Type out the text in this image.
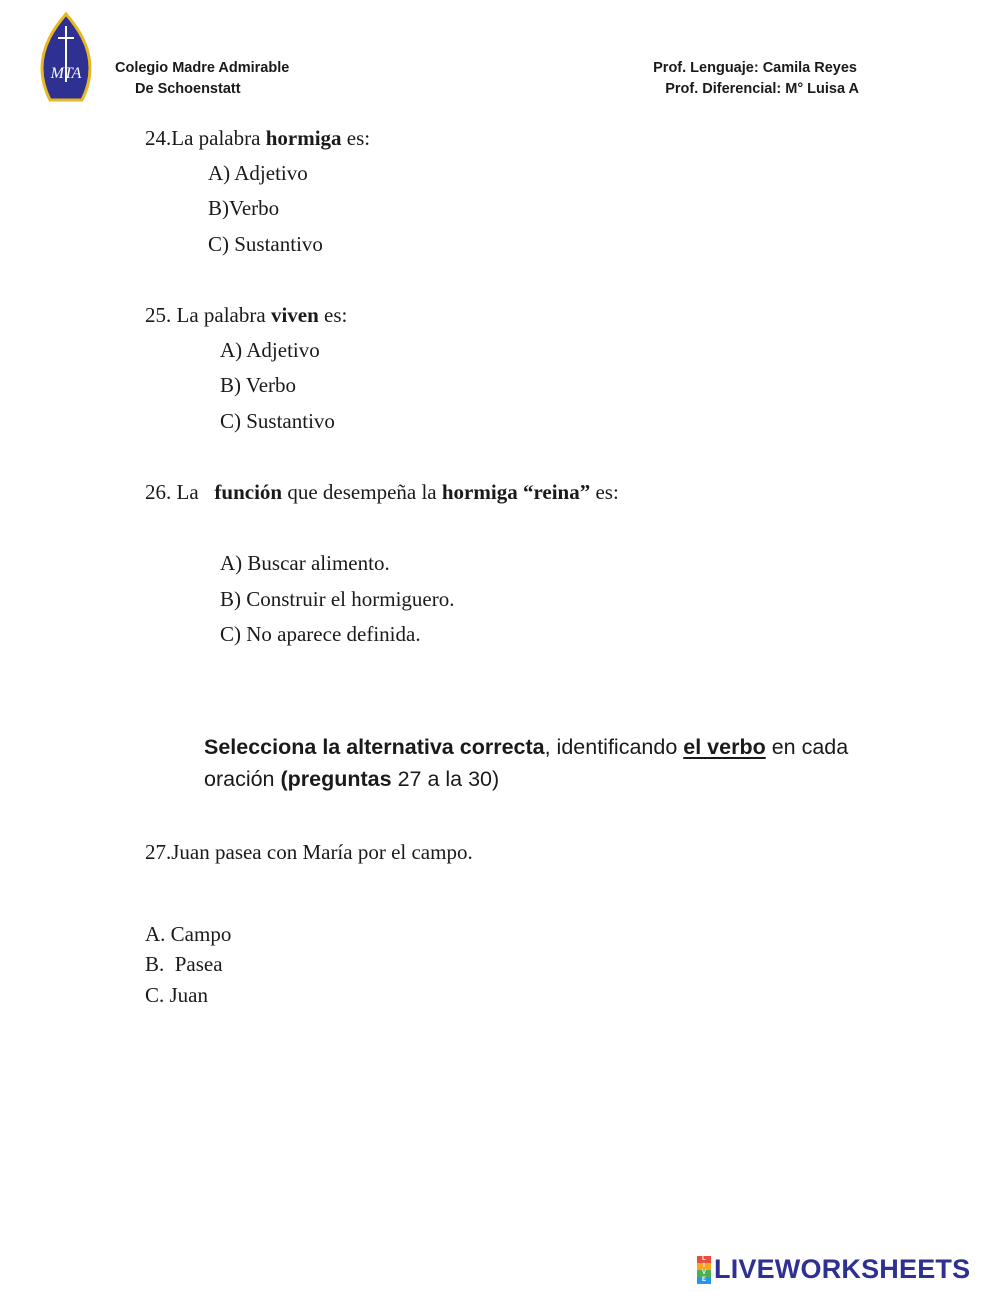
MTA Colegio Madre Admirable
De Schoenstatt
Prof. Lenguaje: Camila Reyes
Prof. Diferencial: M° Luisa A
24.La palabra hormiga es:
A) Adjetivo
B)Verbo
C) Sustantivo
25. La palabra viven es:
A) Adjetivo
B) Verbo
C) Sustantivo
26. La   función que desempeña la hormiga “reina” es:
A) Buscar alimento.
B) Construir el hormiguero.
C) No aparece definida.
Selecciona la alternativa correcta, identificando el verbo en cada oración (preguntas 27 a la 30)
27.Juan pasea con María por el campo.
A. Campo
B.  Pasea
C. Juan
L
I
V
E LIVEWORKSHEETS
